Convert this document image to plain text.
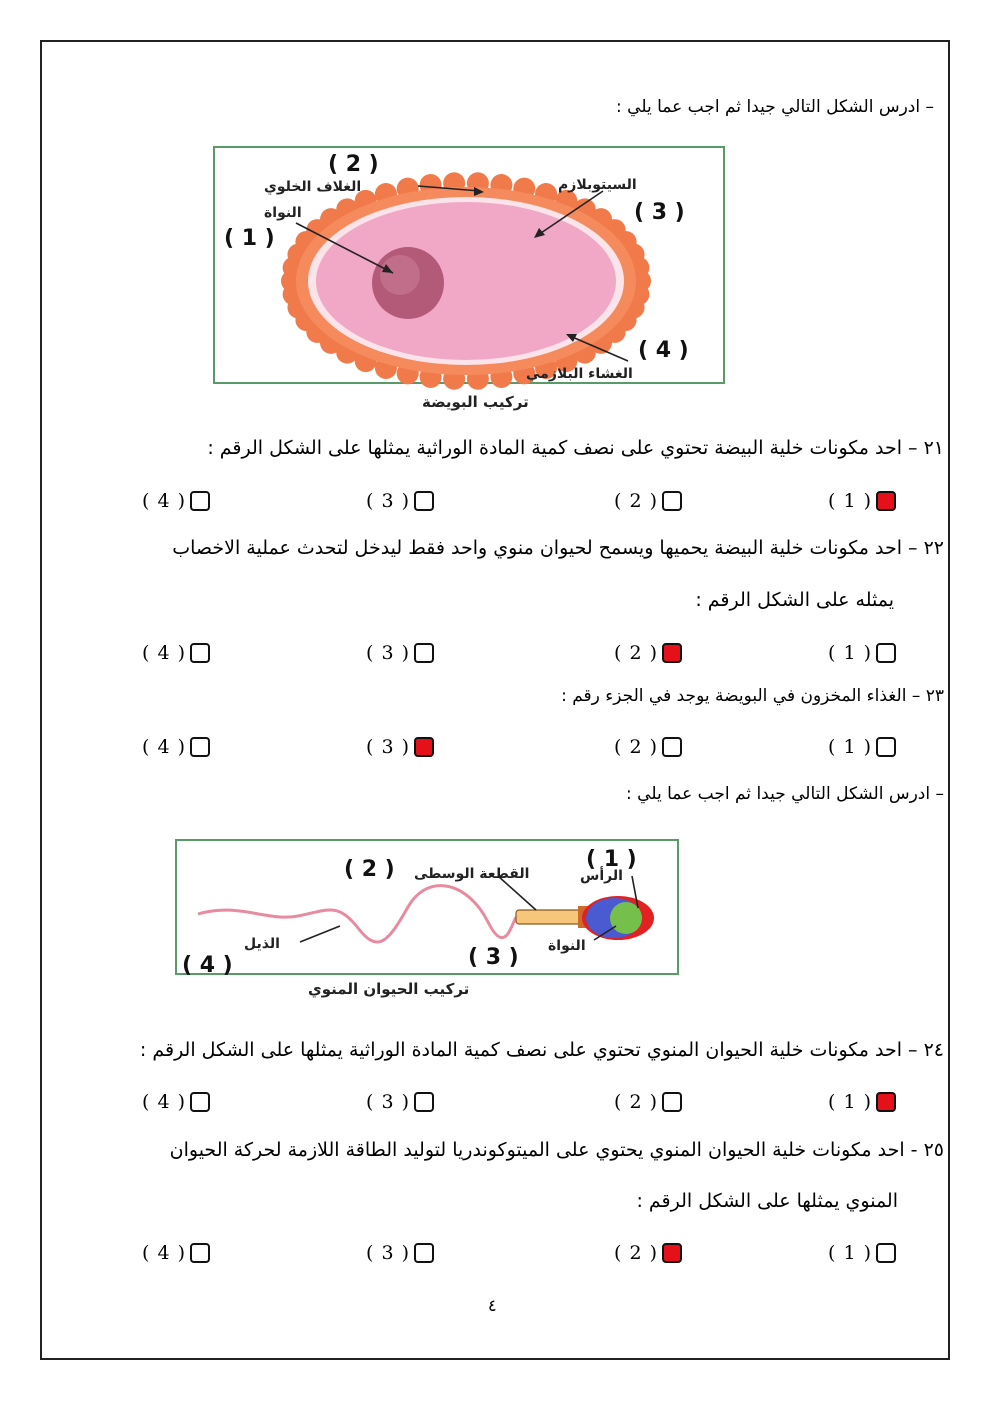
– ادرس الشكل التالي جيدا ثم اجب عما يلي :
( 2 )
الغلاف الخلوي
النواة
( 1 )
السيتوبلازم
( 3 )
( 4 )
الغشاء البلازمي
تركيب البويضة
٢١ – احد مكونات خلية البيضة تحتوي على نصف كمية المادة الوراثية يمثلها على الشكل الرقم :
( 4 )	( 3 )	( 2 )	( 1 )
٢٢ – احد مكونات خلية البيضة يحميها ويسمح لحيوان منوي واحد فقط ليدخل لتحدث عملية الاخصاب
يمثله على الشكل الرقم :
( 4 )	( 3 )	( 2 )	( 1 )
٢٣ – الغذاء المخزون في البويضة يوجد في الجزء رقم :
( 4 )	( 3 )	( 2 )	( 1 )
– ادرس الشكل التالي جيدا ثم اجب عما يلي :
( 1 )
الرأس
( 2 ) القطعة الوسطى
النواة
( 3 )
الذيل
( 4 )
تركيب الحيوان المنوي
٢٤ – احد مكونات خلية الحيوان المنوي تحتوي على نصف كمية المادة الوراثية يمثلها على الشكل الرقم :
( 4 )	( 3 )	( 2 )	( 1 )
٢٥ - احد مكونات خلية الحيوان المنوي يحتوي على الميتوكوندريا لتوليد الطاقة اللازمة لحركة الحيوان
المنوي يمثلها على الشكل الرقم :
( 4 )	( 3 )	( 2 )	( 1 )
٤
